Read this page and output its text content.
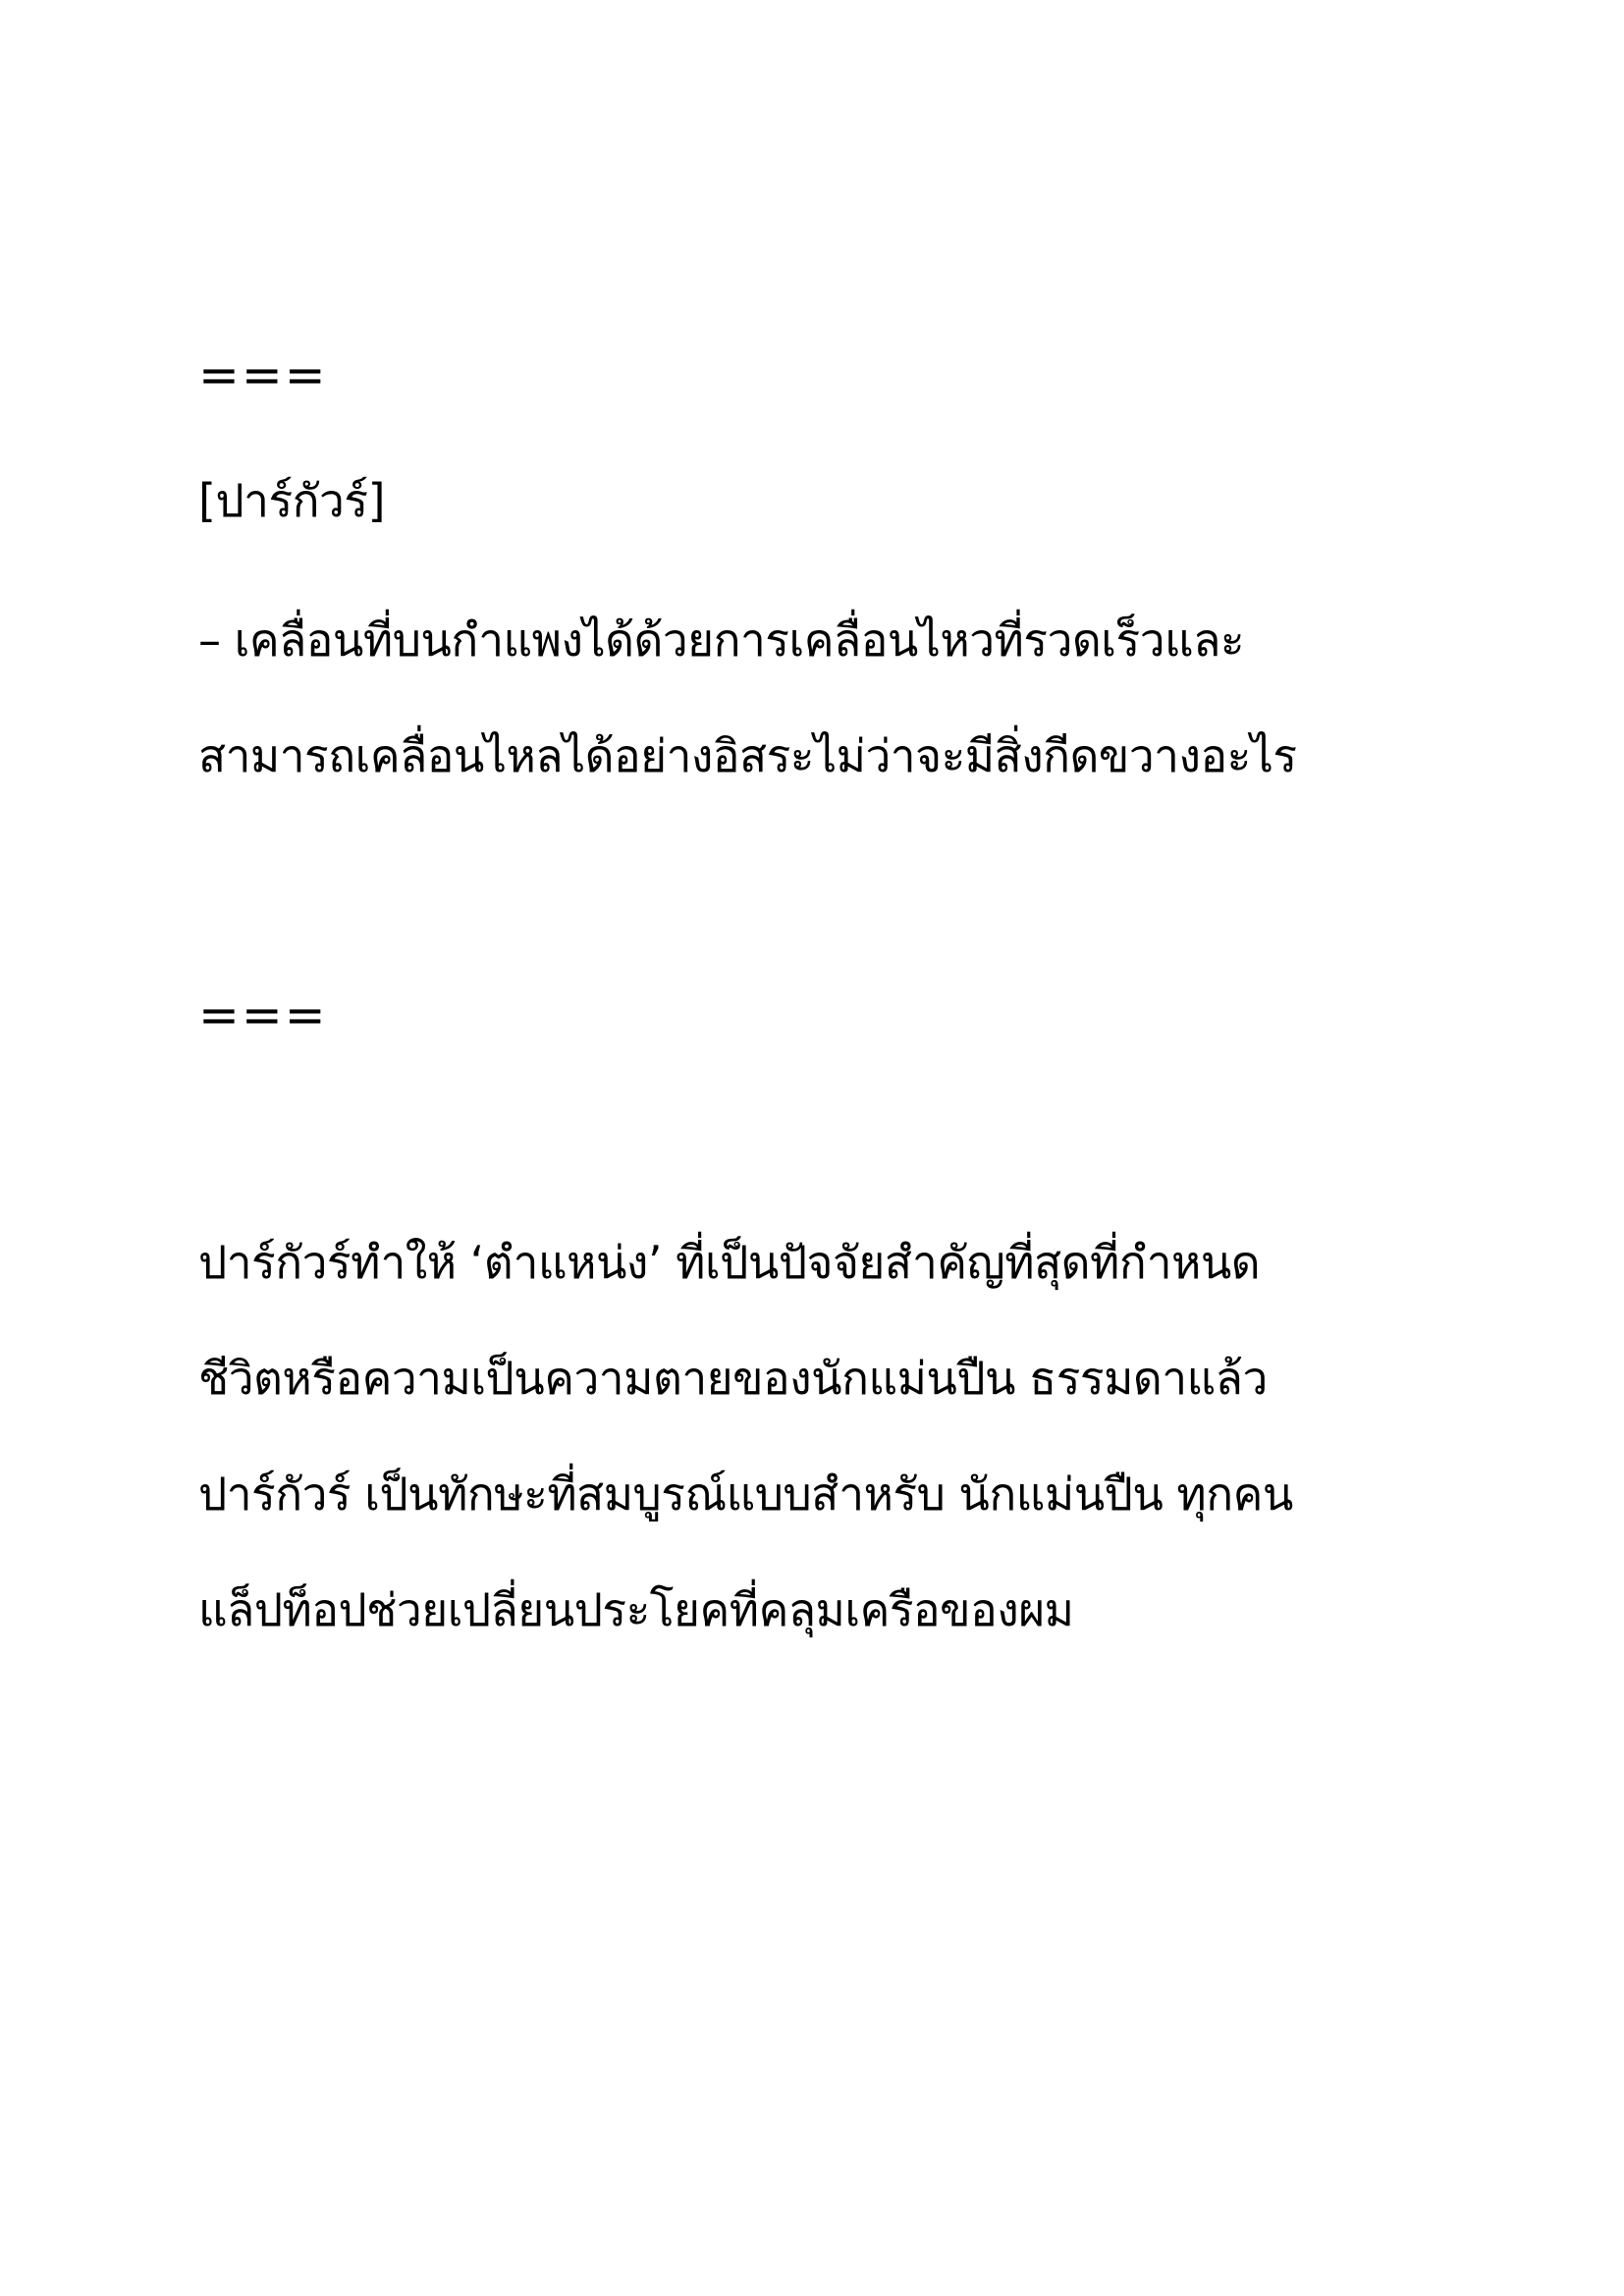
===
[ปาร์กัวร์]
– เคลื่อนที่บนกำแพงได้ด้วยการเคลื่อนไหวที่รวดเร็วและ
สามารถเคลื่อนไหลได้อย่างอิสระไม่ว่าจะมีสิ่งกีดขวางอะไร
===
ปาร์กัวร์ทำให้ ‘ตำแหน่ง’ ที่เป็นปัจจัยสำคัญที่สุดที่กำหนด
ชีวิตหรือความเป็นความตายของนักแม่นปืน ธรรมดาแล้ว
ปาร์กัวร์ เป็นทักษะที่สมบูรณ์แบบสำหรับ นักแม่นปืน ทุกคน
แล็ปท็อปช่วยเปลี่ยนประโยคที่คลุมเครือของผม
